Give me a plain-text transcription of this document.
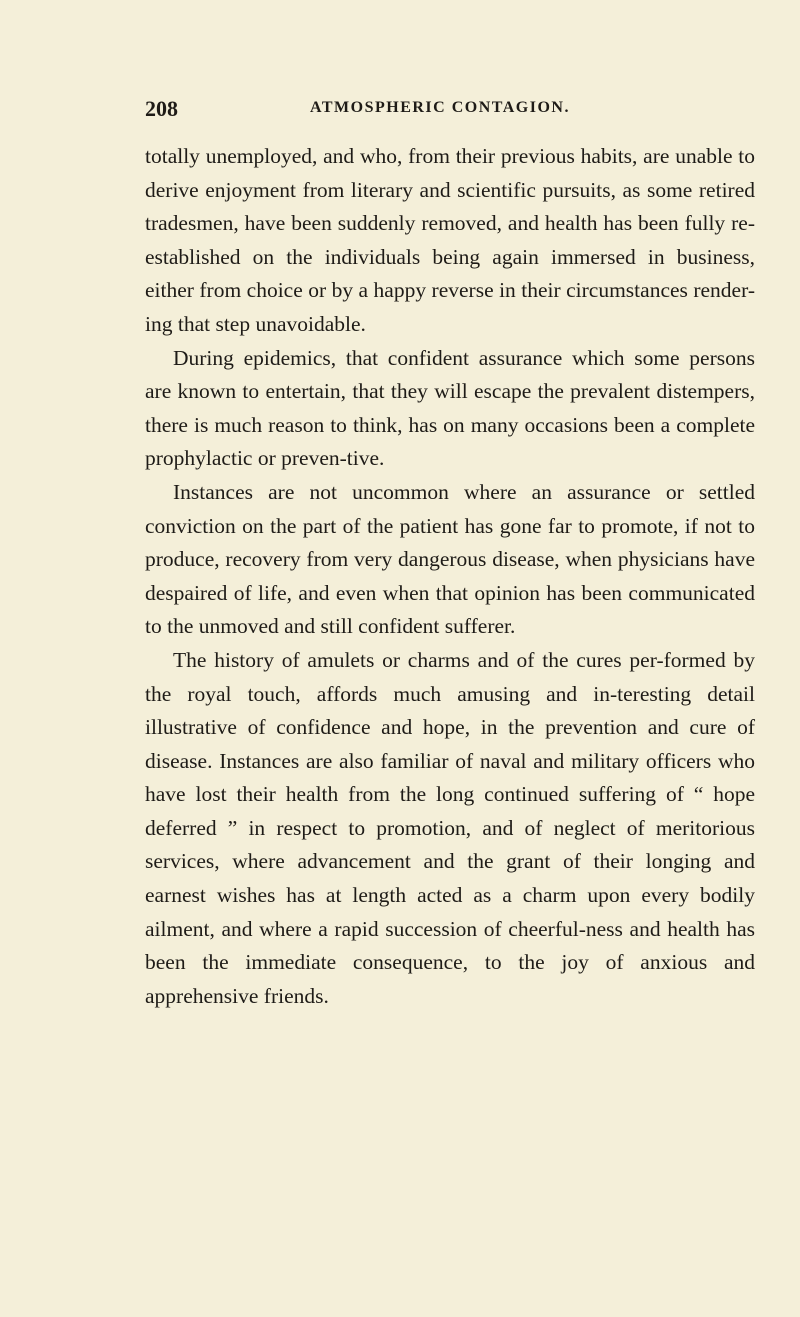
208	ATMOSPHERIC CONTAGION.

totally unemployed, and who, from their previous habits, are unable to derive enjoyment from literary and scientific pursuits, as some retired tradesmen, have been suddenly removed, and health has been fully re-established on the individuals being again immersed in business, either from choice or by a happy reverse in their circumstances render-ing that step unavoidable.

During epidemics, that confident assurance which some persons are known to entertain, that they will escape the prevalent distempers, there is much reason to think, has on many occasions been a complete prophylactic or preven-tive.

Instances are not uncommon where an assurance or settled conviction on the part of the patient has gone far to promote, if not to produce, recovery from very dangerous disease, when physicians have despaired of life, and even when that opinion has been communicated to the unmoved and still confident sufferer.

The history of amulets or charms and of the cures per-formed by the royal touch, affords much amusing and in-teresting detail illustrative of confidence and hope, in the prevention and cure of disease. Instances are also familiar of naval and military officers who have lost their health from the long continued suffering of “ hope deferred ” in respect to promotion, and of neglect of meritorious services, where advancement and the grant of their longing and earnest wishes has at length acted as a charm upon every bodily ailment, and where a rapid succession of cheerful-ness and health has been the immediate consequence, to the joy of anxious and apprehensive friends.
